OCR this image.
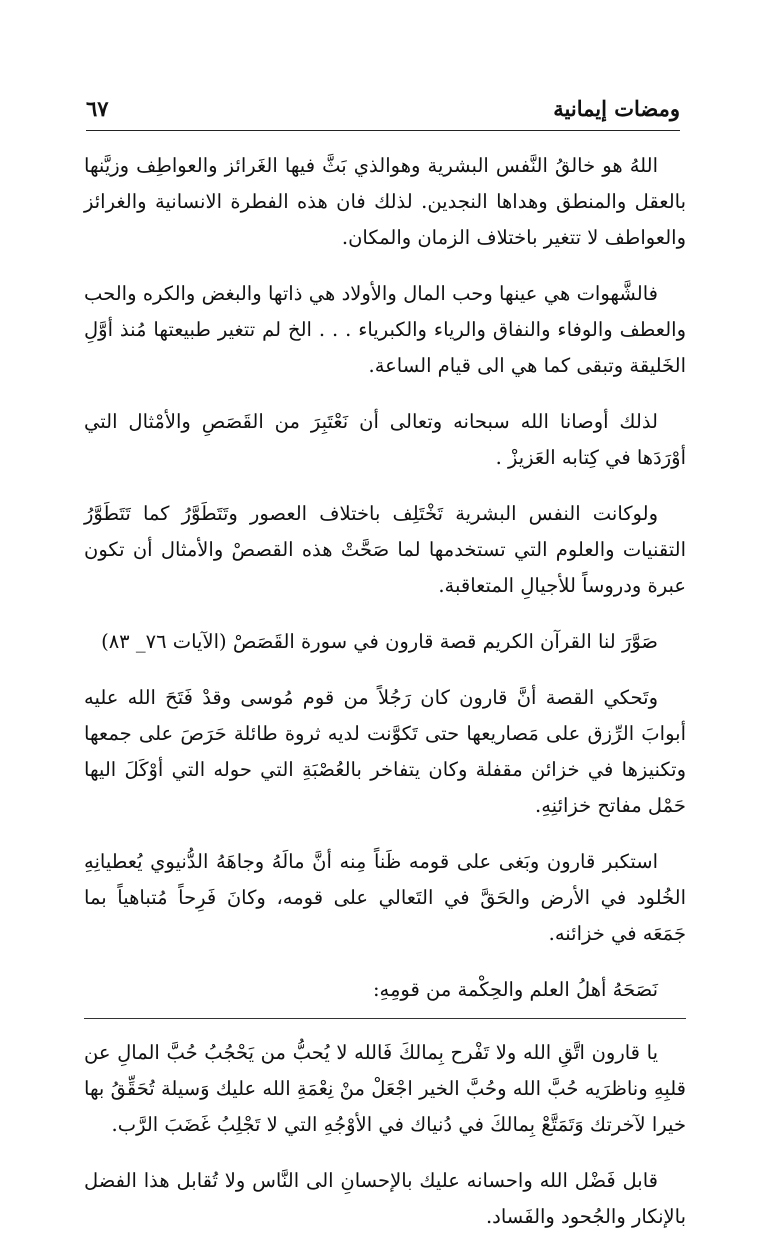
ومضات إيمانية
٦٧

اللهُ هو خالقُ النَّفس البشرية وهوالذي بَثَّ فيها الغَرائز والعواطِف وزيَّنها بالعقل والمنطق وهداها النجدين. لذلك فان هذه الفطرة الانسانية والغرائز والعواطف لا تتغير باختلاف الزمان والمكان.

فالشَّهوات هي عينها وحب المال والأولاد هي ذاتها والبغض والكره والحب والعطف والوفاء والنفاق والرياء والكبرياء . . . الخ لم تتغير طبيعتها مُنذ أوَّلِ الخَليقة وتبقى كما هي الى قيام الساعة.

لذلك أوصانا الله سبحانه وتعالى أن نَعْتَبِرَ من القَصَصِ والأمْثال التي أوْرَدَها في كِتابه العَزيزْ .

ولوكانت النفس البشرية تَخْتَلِف باختلاف العصور وتَتَطَوَّرُ كما تَتَطَوَّرُ التقنيات والعلوم التي تستخدمها لما صَحَّتْ هذه القصصْ والأمثال أن تكون عبرة ودروساً للأجيالِ المتعاقبة.

صَوَّرَ لنا القرآن الكريم قصة قارون في سورة القَصَصْ (الآيات ٧٦_ ٨٣)

وتَحكي القصة أنَّ قارون كان رَجُلاً من قوم مُوسى وقدْ فَتَحَ الله عليه أبوابَ الرِّزق على مَصاريعها حتى تَكوَّنت لديه ثروة طائلة حَرَصَ على جمعها وتكنيزها في خزائن مقفلة وكان يتفاخر بالعُصْبَةِ التي حوله التي أوْكَلَ اليها حَمْل مفاتح خزائنِهِ.

استكبر قارون وبَغى على قومه ظَناً مِنه أنَّ مالَهُ وجاهَهُ الدُّنيوي يُعطيانِهِ الخُلود في الأرض والحَقَّ في التَعالي على قومه، وكانَ فَرِحاً مُتباهياً بما جَمَعَه في خزائنه.

نَصَحَهُ أهلُ العلم والحِكْمة من قومِهِ:

يا قارون اتَّقِ الله ولا تَفْرح بِمالكَ فَالله لا يُحبُّ من يَحْجُبُ حُبَّ المالِ عن قلبِهِ وناظرَيه حُبَّ الله وحُبَّ الخير اجْعَلْ منْ نِعْمَةِ الله عليك وَسيلة تُحَقِّقُ بها خيرا لآخرتك وَتَمَتَّعْ بِمالكَ في دُنياك في الأوْجُهِ التي لا تَجْلِبُ غَضَبَ الرَّب.

قابل فَضْل الله واحسانه عليك بالإحسانِ الى النَّاس ولا تُقابل هذا الفضل بالإنكار والجُحود والفَساد.
